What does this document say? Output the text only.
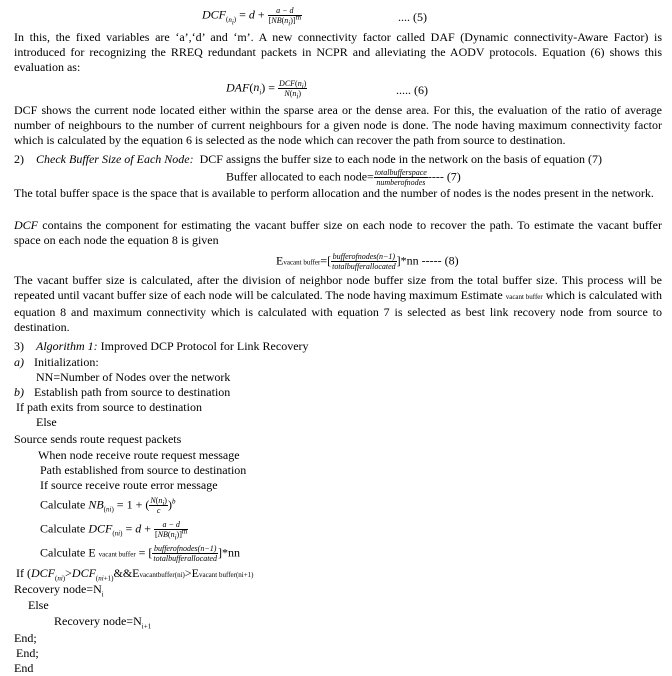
$DCF_{(n_i)} = d + \frac{a - d}{[NB(n_i)]^m}$	.... (5)
In this, the fixed variables are ‘a’,‘d’ and ‘m’. A new connectivity factor called DAF (Dynamic connectivity-Aware Factor) is introduced for recognizing the RREQ redundant packets in NCPR and alleviating the AODV protocols. Equation (6) shows this evaluation as:
$DAF(n_i) = \frac{DCF(n_i)}{N(n_i)}$	..... (6)
DCF shows the current node located either within the sparse area or the dense area. For this, the evaluation of the ratio of average number of neighbours to the number of current neighbours for a given node is done. The node having maximum connectivity factor which is calculated by the equation 6 is selected as the node which can recover the path from source to destination.
2) Check Buffer Size of Each Node: DCF assigns the buffer size to each node in the network on the basis of equation (7)
Buffer allocated to each node= $\frac{\text{totalbufferspace}}{\text{numberofnodes}}$ ---- (7)
The total buffer space is the space that is available to perform allocation and the number of nodes is the nodes present in the network.
DCF contains the component for estimating the vacant buffer size on each node to recover the path. To estimate the vacant buffer space on each node the equation 8 is given
Evacant buffer=[ $\frac{\text{bufferofnodes(n−1)}}{\text{totalbufferallocated}} ]*nn$ ----- (8)
The vacant buffer size is calculated, after the division of neighbor node buffer size from the total buffer size. This process will be repeated until vacant buffer size of each node will be calculated. The node having maximum Estimate vacant buffer which is calculated with equation 8 and maximum connectivity which is calculated with equation 7 is selected as best link recovery node from source to destination.
3) Algorithm 1: Improved DCP Protocol for Link Recovery
a) Initialization:
NN=Number of Nodes over the network
b) Establish path from source to destination
If path exits from source to destination
Else
Source sends route request packets
When node receive route request message
Path established from source to destination
If source receive route error message
Calculate $NB_{(ni)} = 1$ + ( $\frac{N(n_i)}{c} )^b$
Calculate $DCF_{(ni)} = d + \frac{a - d}{[NB(n_i)]^m}$
Calculate E vacant buffer = [ $\frac{\text{bufferofnodes(n−1)}}{\text{totalbufferallocated}} ]*nn$
If ($DCF_{(ni)}>DCF_{(ni+1)}\&\&Evacantbuffer(ni)>Evacant$ buffer(ni+1)
Recovery $node=N_i$
Else
Recovery $node=N_{i+1}$
End;
End;
End
